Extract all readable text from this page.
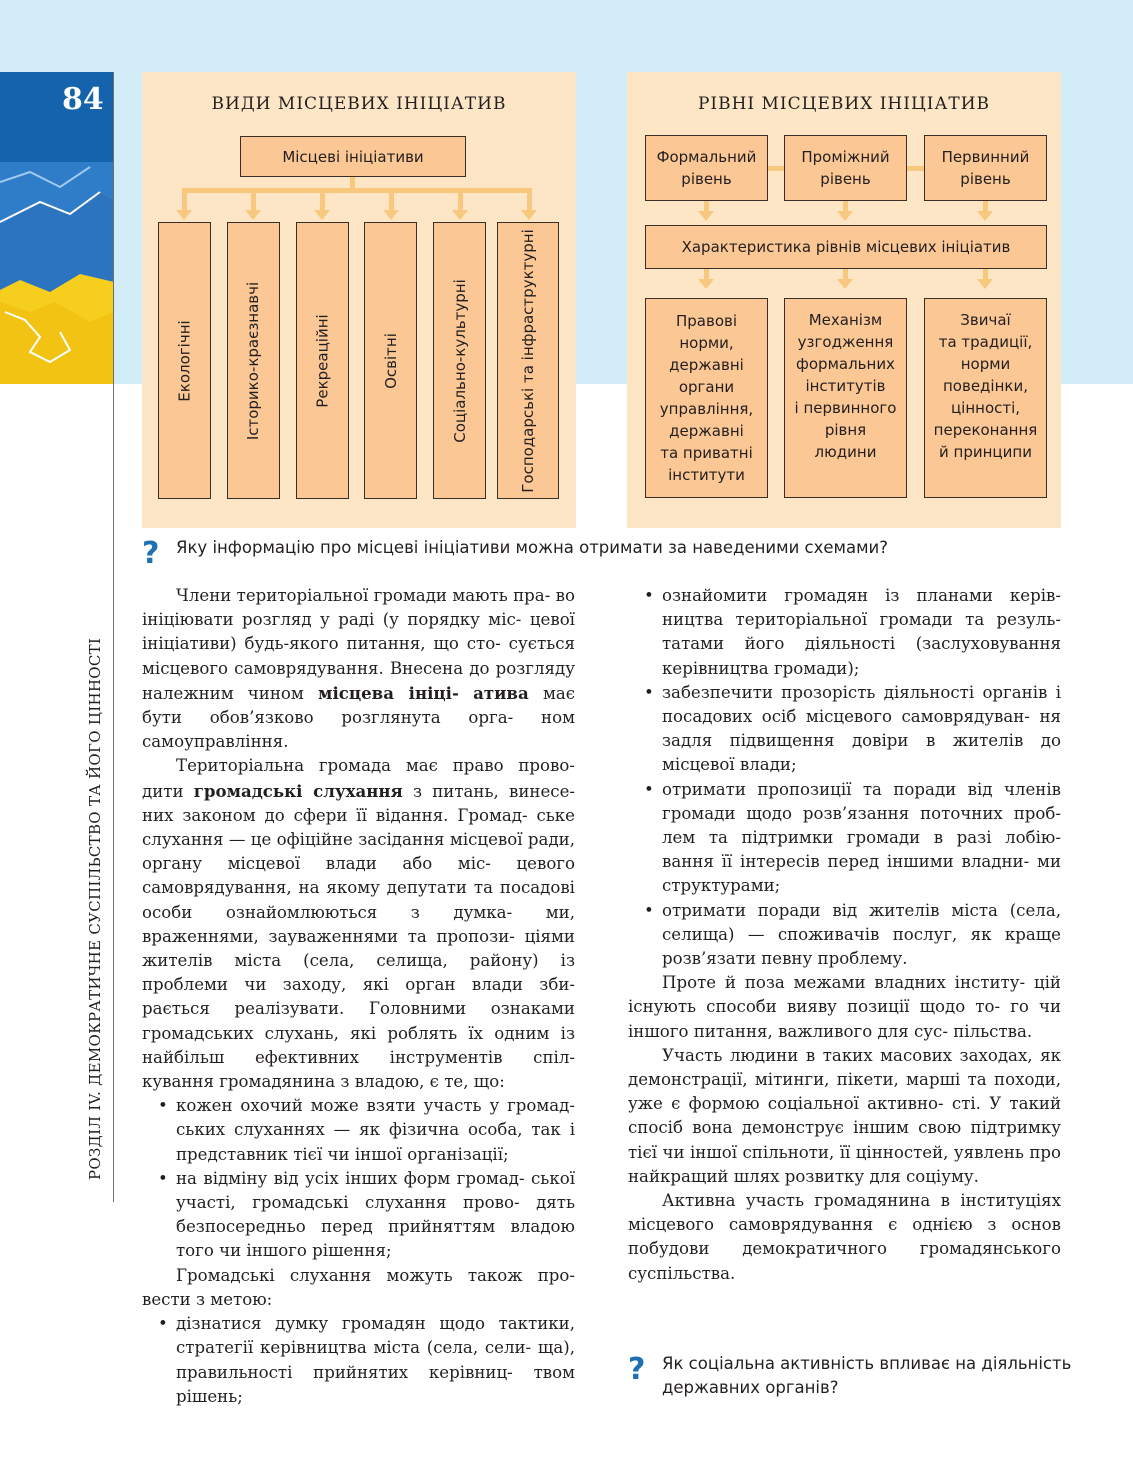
84
РОЗДІЛ IV. ДЕМОКРАТИЧНЕ СУСПІЛЬСТВО ТА ЙОГО ЦІННОСТІ
ВИДИ МІСЦЕВИХ ІНІЦІАТИВ
Місцеві ініціативи
Екологічні	Історико-краєзнавчі	Рекреаційні	Освітні	Соціально-культурні	Господарські та інфраструктурні
РІВНІ МІСЦЕВИХ ІНІЦІАТИВ
Формальний
рівень
Проміжний
рівень
Первинний
рівень
Характеристика рівнів місцевих ініціатив
Правові
норми,
державні
органи
управління,
державні
та приватні
інститути
Механізм
узгодження
формальних
інститутів
і первинного
рівня
людини
Звичаї
та традиції,
норми
поведінки,
цінності,
переконання
й принципи
? Яку інформацію про місцеві ініціативи можна отримати за наведеними схемами?

Члени територіальної громади мають пра- во ініціювати розгляд у раді (у порядку міс- цевої ініціативи) будь-якого питання, що сто- сується місцевого самоврядування. Внесена до розгляду належним чином місцева ініці- атива має бути обов’язково розглянута орга- ном самоуправління.

Територіальна громада має право прово- дити громадські слухання з питань, винесе- них законом до сфери її відання. Громад- ське слухання — це офіційне засідання місцевої ради, органу місцевої влади або міс- цевого самоврядування, на якому депутати та посадові особи ознайомлюються з думка- ми, враженнями, зауваженнями та пропози- ціями жителів міста (села, селища, району) із проблеми чи заходу, які орган влади зби- рається реалізувати. Головними ознаками громадських слухань, які роблять їх одним із найбільш ефективних інструментів спіл- кування громадянина з владою, є те, що:

• кожен охочий може взяти участь у громад- ських слуханнях — як фізична особа, так і представник тієї чи іншої організації;
• на відміну від усіх інших форм громад- ської участі, громадські слухання прово- дять безпосередньо перед прийняттям владою того чи іншого рішення;

Громадські слухання можуть також про- вести з метою:

• дізнатися думку громадян щодо тактики, стратегії керівництва міста (села, сели- ща), правильності прийнятих керівниц- твом рішень;
• ознайомити громадян із планами керів- ництва територіальної громади та резуль- татами його діяльності (заслуховування керівництва громади);
• забезпечити прозорість діяльності органів і посадових осіб місцевого самоврядуван- ня задля підвищення довіри в жителів до місцевої влади;
• отримати пропозиції та поради від членів громади щодо розв’язання поточних проб- лем та підтримки громади в разі лобію- вання її інтересів перед іншими владни- ми структурами;
• отримати поради від жителів міста (села, селища) — споживачів послуг, як краще розв’язати певну проблему.

Проте й поза межами владних інститу- цій існують способи вияву позиції щодо то- го чи іншого питання, важливого для сус- пільства.

Участь людини в таких масових заходах, як демонстрації, мітинги, пікети, марші та походи, уже є формою соціальної активно- сті. У такий спосіб вона демонструє іншим свою підтримку тієї чи іншої спільноти, її цінностей, уявлень про найкращий шлях розвитку для соціуму.

Активна участь громадянина в інституціях місцевого самоврядування є однією з основ побудови демократичного громадянського суспільства.

? Як соціальна активність впливає на діяльність
державних органів?
